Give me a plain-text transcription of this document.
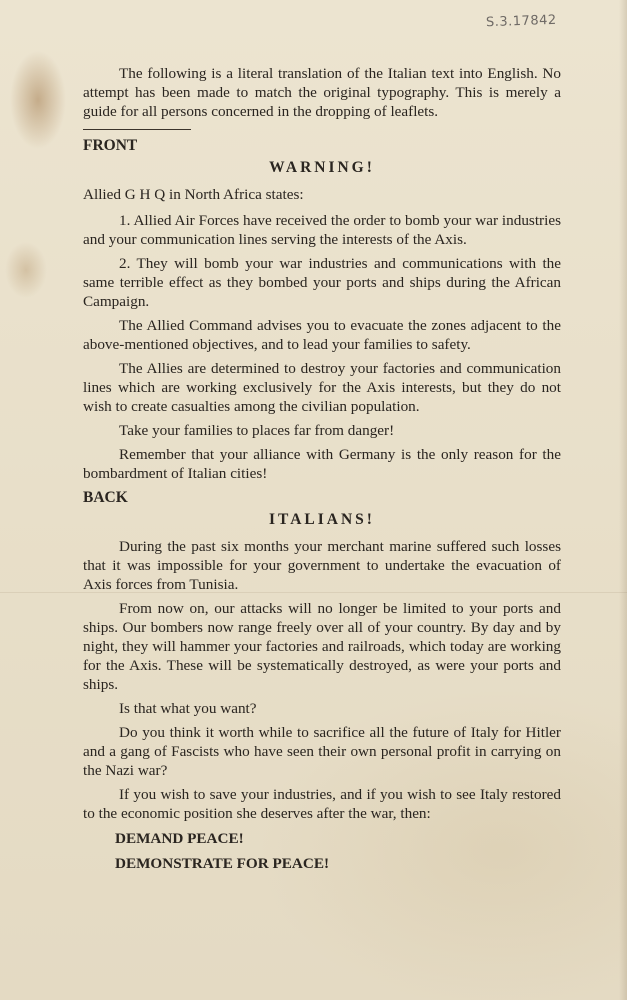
S.3.17842

The following is a literal translation of the Italian text into English. No attempt has been made to match the original typography. This is merely a guide for all persons concerned in the dropping of leaflets.

FRONT
WARNING!

Allied G H Q in North Africa states:

1. Allied Air Forces have received the order to bomb your war industries and your communication lines serving the interests of the Axis.

2. They will bomb your war industries and communications with the same terrible effect as they bombed your ports and ships during the African Campaign.

The Allied Command advises you to evacuate the zones adjacent to the above-mentioned objectives, and to lead your families to safety.

The Allies are determined to destroy your factories and communication lines which are working exclusively for the Axis interests, but they do not wish to create casualties among the civilian population.

Take your families to places far from danger!

Remember that your alliance with Germany is the only reason for the bombardment of Italian cities!

BACK
ITALIANS!

During the past six months your merchant marine suffered such losses that it was impossible for your government to undertake the evacuation of Axis forces from Tunisia.

From now on, our attacks will no longer be limited to your ports and ships. Our bombers now range freely over all of your country. By day and by night, they will hammer your factories and railroads, which today are working for the Axis. These will be systematically destroyed, as were your ports and ships.

Is that what you want?

Do you think it worth while to sacrifice all the future of Italy for Hitler and a gang of Fascists who have seen their own personal profit in carrying on the Nazi war?

If you wish to save your industries, and if you wish to see Italy restored to the economic position she deserves after the war, then:

DEMAND PEACE!
DEMONSTRATE FOR PEACE!
